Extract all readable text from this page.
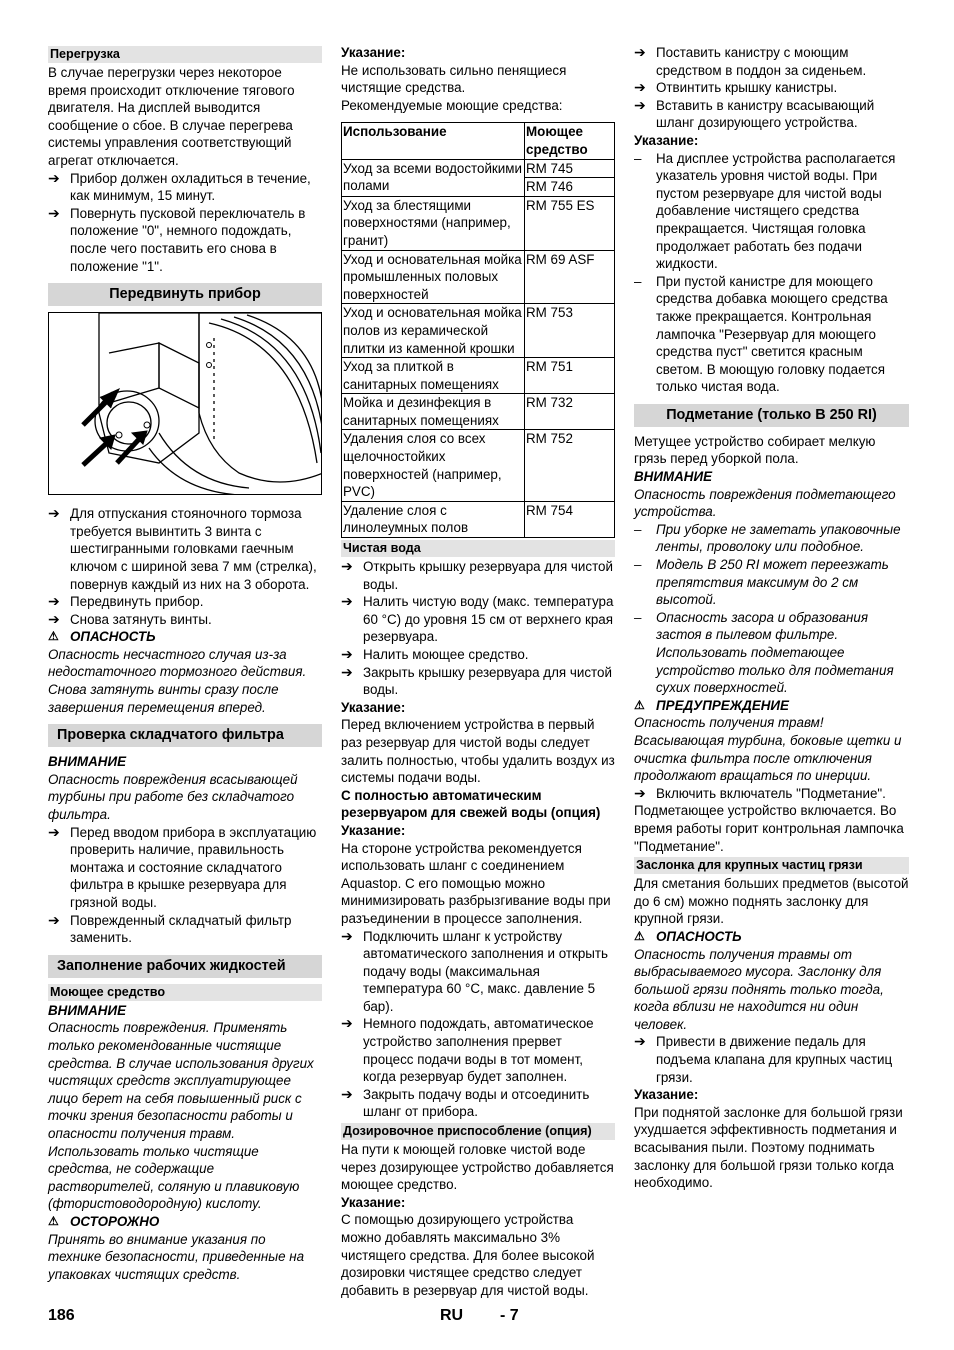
Перегрузка

В случае перегрузки через некоторое время происходит отключение тягового двигателя. На дисплей выводится сообщение о сбое. В случае перегрева системы управления соответствующий агрегат отключается.

➔ Прибор должен охладиться в течение, как минимум, 15 минут.
➔ Повернуть пусковой переключатель в положение "0", немного подождать, после чего поставить его снова в положение "1".
Передвинуть прибор
➔ Для отпускания стояночного тормоза требуется вывинтить 3 винта с шестигранными головками гаечным ключом с шириной зева 7 мм (стрелка), повернув каждый из них на 3 оборота.
➔ Передвинуть прибор.
➔ Снова затянуть винты.
⚠ ОПАСНОСТЬ

Опасность несчастного случая из-за недостаточного тормозного действия. Снова затянуть винты сразу после завершения перемещения вперед.

Проверка складчатого фильтра
ВНИМАНИЕ

Опасность повреждения всасывающей турбины при работе без складчатого фильтра.

➔ Перед вводом прибора в эксплуатацию проверить наличие, правильность монтажа и состояние складчатого фильтра в крышке резервуара для грязной воды.
➔ Поврежденный складчатый фильтр заменить.
Заполнение рабочих жидкостей
Моющее средство
ВНИМАНИЕ

Опасность повреждения. Применять только рекомендованные чистящие средства. В случае использования других чистящих средств эксплуатирующее лицо берет на себя повышенный риск с точки зрения безопасности работы и опасности получения травм. Использовать только чистящие средства, не содержащие растворителей, соляную и плавиковую (фтористоводородную) кислоту.

⚠ ОСТОРОЖНО

Принять во внимание указания по технике безопасности, приведенные на упаковках чистящих средств.

Указание:

Не использовать сильно пенящиеся чистящие средства.

Рекомендуемые моющие средства:

Использование	Моющее средство
Уход за всеми водостойкими полами	RM 745
	RM 746
Уход за блестящими поверхностями (например, гранит)	RM 755 ES
Уход и основательная мойка промышленных половых поверхностей	RM 69 ASF
Уход и основательная мойка полов из керамической плитки из каменной крошки	RM 753
Уход за плиткой в санитарных помещениях	RM 751
Мойка и дезинфекция в санитарных помещениях	RM 732
Удаления слоя со всех щелочностойких поверхностей (например, PVC)	RM 752
Удаление слоя с линолеумных полов	RM 754
Чистая вода
➔ Открыть крышку резервуара для чистой воды.
➔ Налить чистую воду (макс. температура 60 °C) до уровня 15 см от верхнего края резервуара.
➔ Налить моющее средство.
➔ Закрыть крышку резервуара для чистой воды.
Указание:

Перед включением устройства в первый раз резервуар для чистой воды следует залить полностью, чтобы удалить воздух из системы подачи воды.

С полностью автоматическим резервуаром для свежей воды (опция)
Указание:

На стороне устройства рекомендуется использовать шланг с соединением Aquastop. С его помощью можно минимизировать разбрызгивание воды при разъединении в процессе заполнения.

➔ Подключить шланг к устройству автоматического заполнения и открыть подачу воды (максимальная температура 60 °C, макс. давление 5 бар).
➔ Немного подождать, автоматическое устройство заполнения прервет процесс подачи воды в тот момент, когда резервуар будет заполнен.
➔ Закрыть подачу воды и отсоединить шланг от прибора.
Дозировочное приспособление (опция)

На пути к моющей головке чистой воде через дозирующее устройство добавляется моющее средство.

Указание:

С помощью дозирующего устройства можно добавлять максимально 3% чистящего средства. Для более высокой дозировки чистящее средство следует добавить в резервуар для чистой воды.

➔ Поставить канистру с моющим средством в поддон за сиденьем.
➔ Отвинтить крышку канистры.
➔ Вставить в канистру всасывающий шланг дозирующего устройства.
Указание:
–	На дисплее устройства располагается указатель уровня чистой воды. При пустом резервуаре для чистой воды добавление чистящего средства прекращается. Чистящая головка продолжает работать без подачи жидкости.
–	При пустой канистре для моющего средства добавка моющего средства также прекращается. Контрольная лампочка "Резервуар для моющего средства пуст" светится красным светом. В моющую головку подается только чистая вода.
Подметание (только B 250 RI)

Метущее устройство собирает мелкую грязь перед уборкой пола.

ВНИМАНИЕ

Опасность повреждения подметающего устройства.

–	При уборке не заметать упаковочные ленты, проволоку или подобное.
–	Модель B 250 RI может переезжать препятствия максимум до 2 см высотой.
–	Опасность засора и образования застоя в пылевом фильтре. Использовать подметающее устройство только для подметания сухих поверхностей.
⚠ ПРЕДУПРЕЖДЕНИЕ

Опасность получения травм! Всасывающая турбина, боковые щетки и очистка фильтра после отключения продолжают вращаться по инерции.

➔ Включить включатель "Подметание".

Подметающее устройство включается. Во время работы горит контрольная лампочка "Подметание".

Заслонка для крупных частиц грязи

Для сметания больших предметов (высотой до 6 см) можно поднять заслонку для крупной грязи.

⚠ ОПАСНОСТЬ

Опасность получения травмы от выбрасываемого мусора. Заслонку для большой грязи поднять только тогда, когда вблизи не находится ни один человек.

➔ Привести в движение педаль для подъема клапана для крупных частиц грязи.
Указание:

При поднятой заслонке для большой грязи ухудшается эффективность подметания и всасывания пыли. Поэтому поднимать заслонку для большой грязи только когда необходимо.

186	RU - 7
